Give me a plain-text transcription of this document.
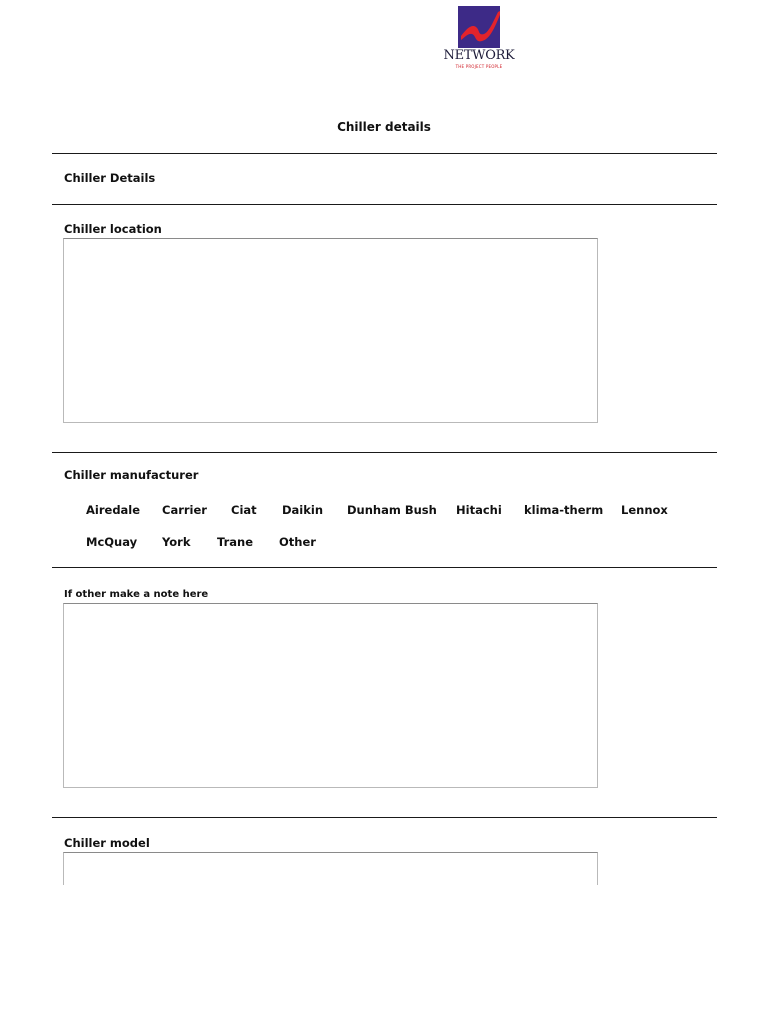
NETWORK
THE PROJECT PEOPLE
Chiller details
Chiller Details
Chiller location
Chiller manufacturer
Airedale Carrier Ciat Daikin Dunham Bush Hitachi klima-therm Lennox
McQuay York Trane Other
If other make a note here
Chiller model
